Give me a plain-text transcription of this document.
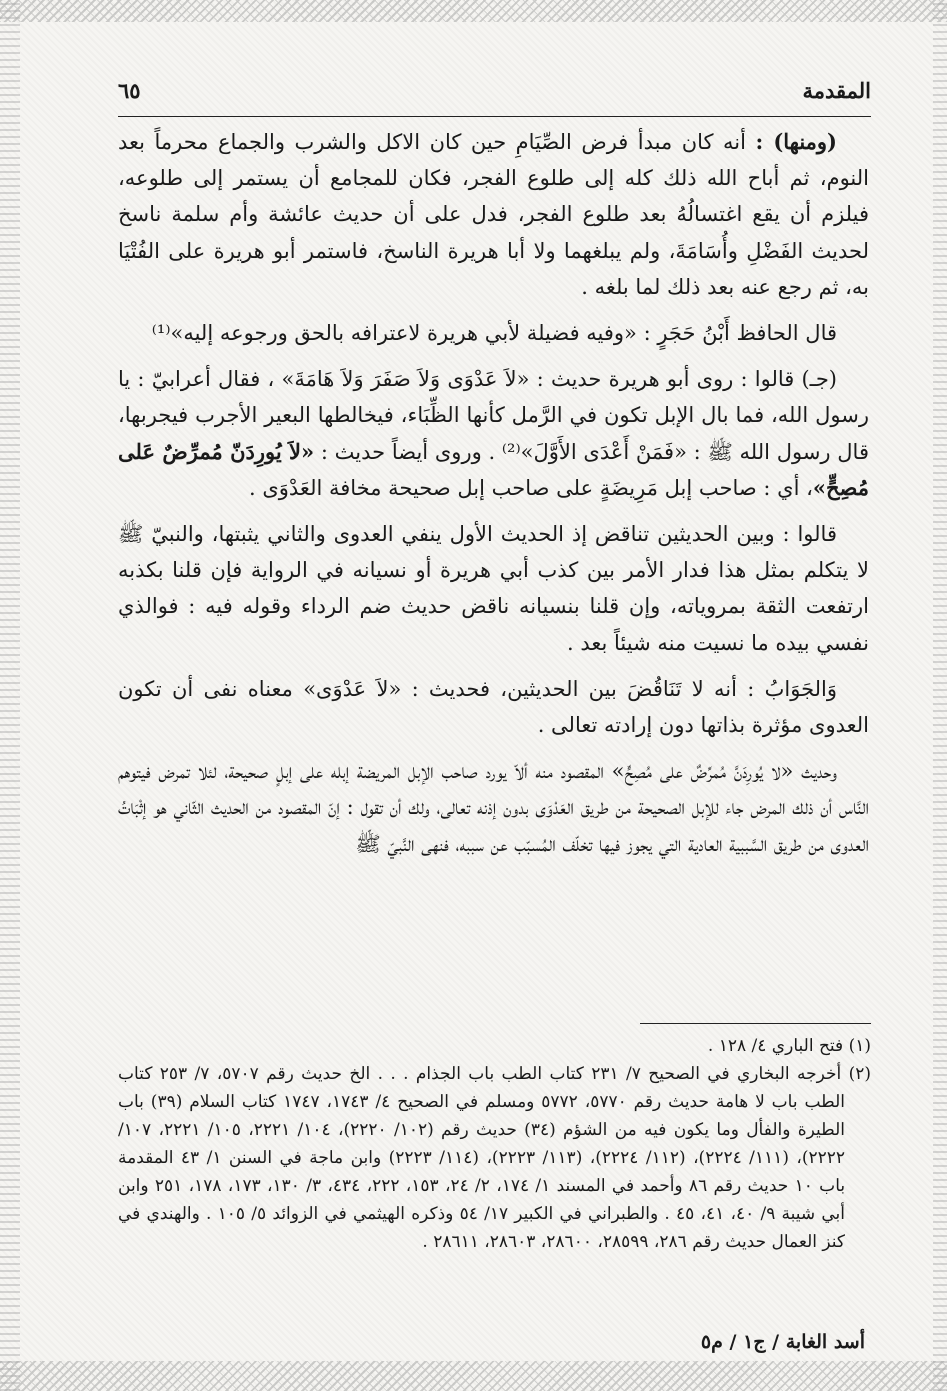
المقدمة
٦٥

(ومنها) : أنه كان مبدأ فرض الصِّيَامِ حين كان الاكل والشرب والجماع محرماً بعد النوم، ثم أباح الله ذلك كله إلى طلوع الفجر، فكان للمجامع أن يستمر إلى طلوعه، فيلزم أن يقع اغتسالُهُ بعد طلوع الفجر، فدل على أن حديث عائشة وأم سلمة ناسخ لحديث الفَضْلِ وأُسَامَةَ، ولم يبلغهما ولا أبا هريرة الناسخ، فاستمر أبو هريرة على الفُتْيَا به، ثم رجع عنه بعد ذلك لما بلغه .

قال الحافظ أَبْنُ حَجَرٍ : «وفيه فضيلة لأبي هريرة لاعترافه بالحق ورجوعه إليه»⁽¹⁾

(جـ) قالوا : روى أبو هريرة حديث : «لاَ عَدْوَى وَلاَ صَفَرَ وَلاَ هَامَةَ» ، فقال أعرابيّ : يا رسول الله، فما بال الإبل تكون في الرَّمل كأنها الظِّبَاء، فيخالطها البعير الأجرب فيجربها، قال رسول الله ﷺ : «فَمَنْ أَعْدَى الأَوَّلَ»⁽²⁾ . وروى أيضاً حديث : «لاَ يُورِدَنّ مُمرِّضٌ عَلى مُصِحٍّ»، أي : صاحب إبل مَرِيضَةٍ على صاحب إبل صحيحة مخافة العَدْوَى .

قالوا : وبين الحديثين تناقض إذ الحديث الأول ينفي العدوى والثاني يثبتها، والنبيّ ﷺ لا يتكلم بمثل هذا فدار الأمر بين كذب أبي هريرة أو نسيانه في الرواية فإن قلنا بكذبه ارتفعت الثقة بمروياته، وإن قلنا بنسيانه ناقض حديث ضم الرداء وقوله فيه : فوالذي نفسي بيده ما نسيت منه شيئاً بعد .

وَالجَوَابُ : أنه لا تَنَاقُضَ بين الحديثين، فحديث : «لاَ عَدْوَى» معناه نفى أن تكون العدوى مؤثرة بذاتها دون إرادته تعالى .

وحديث «لا يُورِدَنَّ مُمرِّضٌ على مُصِحٍّ» المقصود منه ألاّ يورد صاحب الإبل المريضة إبله على إبلٍ صحيحة، لئلا تمرض فيتوهم النَّاس أن ذلك المرض جاء للإبل الصحيحة من طريق العَدْوَى بدون إذنه تعالى، ولك أن تقول : إنّ المقصود من الحديث الثّاني هو إثْبَاتُ العدوى من طريق السَّببية العادية التي يجوز فيها تخلّف المُسبّب عن سببه، فنهى النَّبيّ ﷺ

(١) فتح الباري ٤/ ١٢٨ .

(٢) أخرجه البخاري في الصحيح ٧/ ٢٣١ كتاب الطب باب الجذام . . . الخ حديث رقم ٥٧٠٧، ٧/ ٢٥٣ كتاب الطب باب لا هامة حديث رقم ٥٧٧٠، ٥٧٧٢ ومسلم في الصحيح ٤/ ١٧٤٣، ١٧٤٧ كتاب السلام (٣٩) باب الطيرة والفأل وما يكون فيه من الشؤم (٣٤) حديث رقم (١٠٢/ ٢٢٢٠)، ١٠٤/ ٢٢٢١، ١٠٥/ ٢٢٢١، ١٠٧/ ٢٢٢٢)، (١١١/ ٢٢٢٤)، (١١٢/ ٢٢٢٤)، (١١٣/ ٢٢٢٣)، (١١٤/ ٢٢٢٣) وابن ماجة في السنن ١/ ٤٣ المقدمة باب ١٠ حديث رقم ٨٦ وأحمد في المسند ١/ ١٧٤، ٢/ ٢٤، ١٥٣، ٢٢٢، ٤٣٤، ٣/ ١٣٠، ١٧٣، ١٧٨، ٢٥١ وابن أبي شيبة ٩/ ٤٠، ٤١، ٤٥ . والطبراني في الكبير ١٧/ ٥٤ وذكره الهيثمي في الزوائد ٥/ ١٠٥ . والهندي في كنز العمال حديث رقم ٢٨٦، ٢٨٥٩٩، ٢٨٦٠٠، ٢٨٦٠٣، ٢٨٦١١ .

أسد الغابة / ج١ / م٥
